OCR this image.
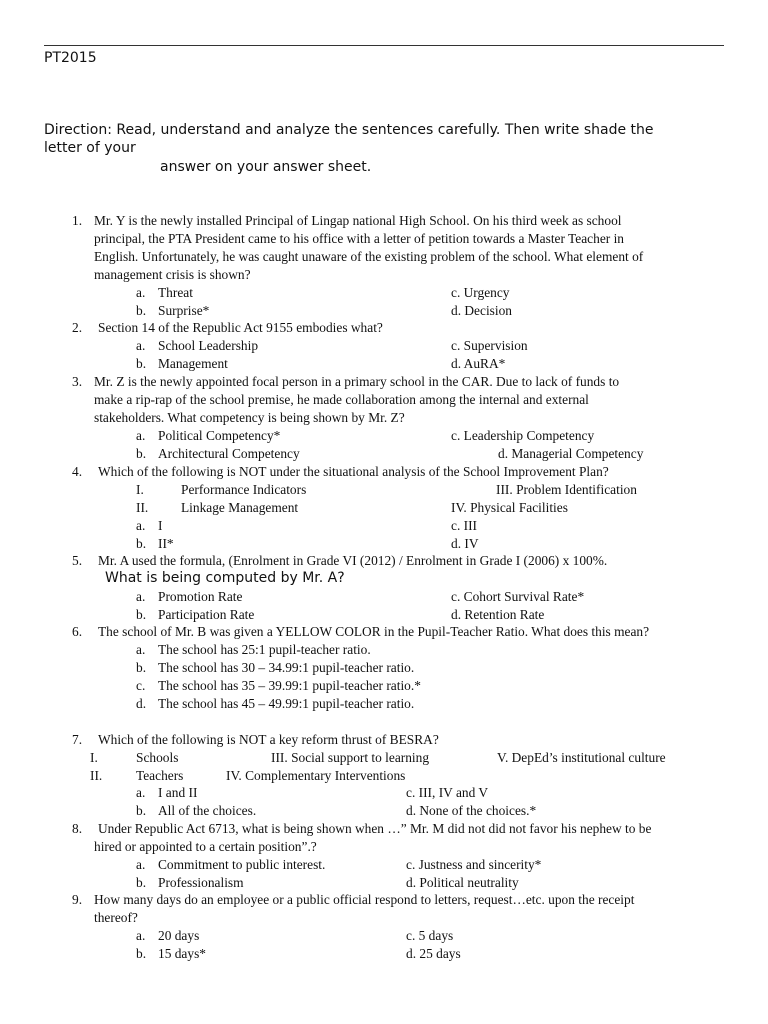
PT2015
Direction: Read, understand and analyze the sentences carefully. Then write shade the
letter of your
answer on your answer sheet.
1. Mr. Y is the newly installed Principal of Lingap national High School. On his third week as school
principal, the PTA President came to his office with a letter of petition towards a Master Teacher in
English. Unfortunately, he was caught unaware of the existing problem of the school. What element of
management crisis is shown?
a. Threat	c. Urgency
b. Surprise*	d. Decision
2. Section 14 of the Republic Act 9155 embodies what?
a. School Leadership	c. Supervision
b. Management	d. AuRA*
3. Mr. Z is the newly appointed focal person in a primary school in the CAR. Due to lack of funds to
make a rip-rap of the school premise, he made collaboration among the internal and external
stakeholders. What competency is being shown by Mr. Z?
a. Political Competency*	c. Leadership Competency
b. Architectural Competency	d. Managerial Competency
4. Which of the following is NOT under the situational analysis of the School Improvement Plan?
I.	Performance Indicators	III. Problem Identification
II. Linkage Management	IV. Physical Facilities
a. I	c. III
b. II*	d. IV
5. Mr. A used the formula, (Enrolment in Grade VI (2012) / Enrolment in Grade I (2006) x 100%.
What is being computed by Mr. A?
a. Promotion Rate	c. Cohort Survival Rate*
b. Participation Rate	d. Retention Rate
6. The school of Mr. B was given a YELLOW COLOR in the Pupil-Teacher Ratio. What does this mean?
a. The school has 25:1 pupil-teacher ratio.
b. The school has 30 – 34.99:1 pupil-teacher ratio.
c. The school has 35 – 39.99:1 pupil-teacher ratio.*
d. The school has 45 – 49.99:1 pupil-teacher ratio.
7. Which of the following is NOT a key reform thrust of BESRA?
I.	Schools	III. Social support to learning	V. DepEd’s institutional culture
II.	Teachers	IV. Complementary Interventions
a. I and II	c. III, IV and V
b. All of the choices.	d. None of the choices.*
8. Under Republic Act 6713, what is being shown when …” Mr. M did not did not favor his nephew to be
hired or appointed to a certain position”.?
a. Commitment to public interest.	c. Justness and sincerity*
b. Professionalism	d. Political neutrality
9. How many days do an employee or a public official respond to letters, request…etc. upon the receipt
thereof?
a. 20 days	c. 5 days
b. 15 days*	d. 25 days
